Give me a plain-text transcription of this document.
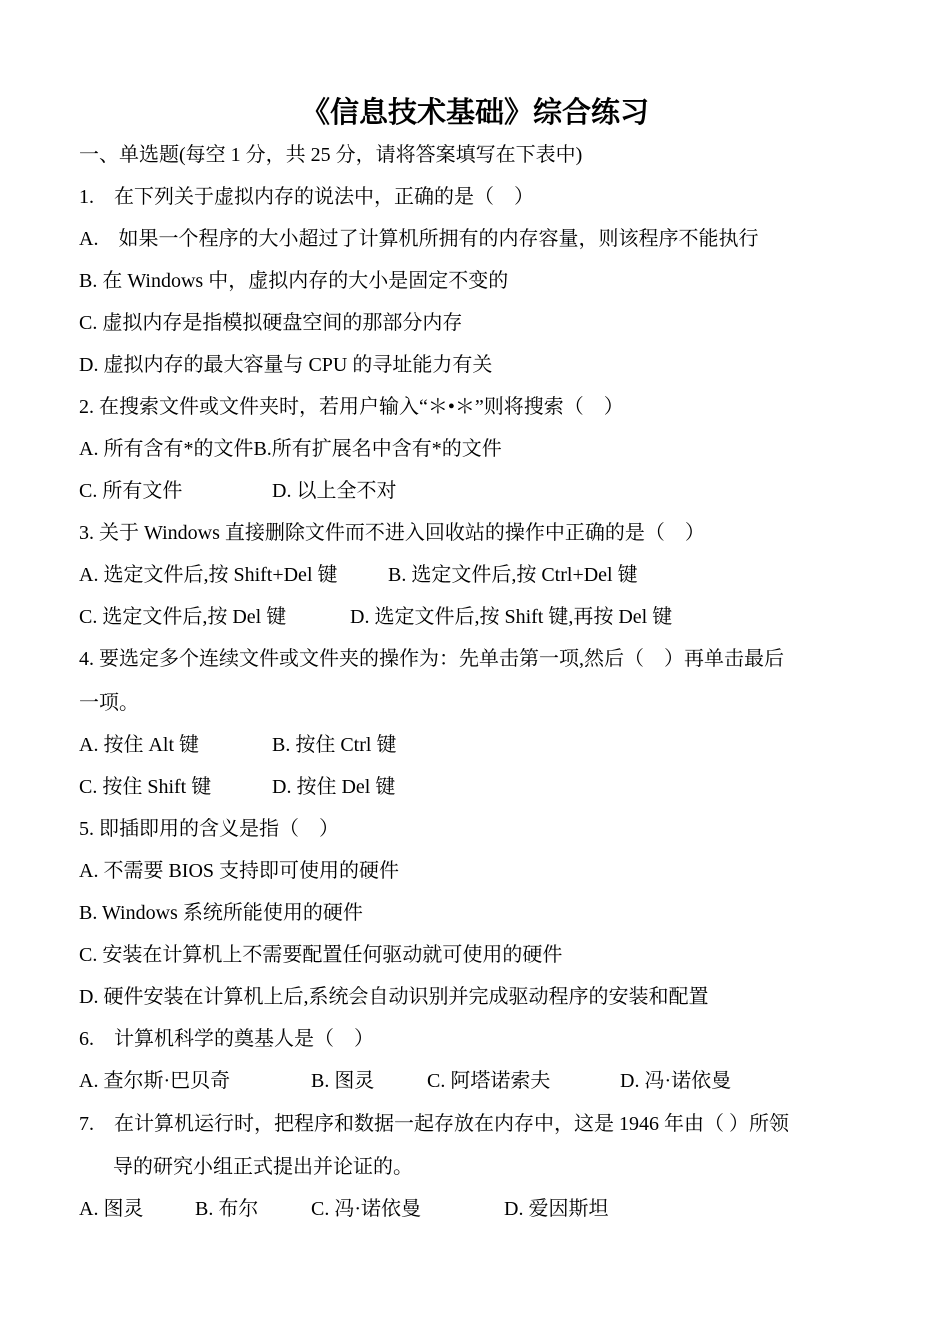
《信息技术基础》综合练习
一、单选题(每空 1 分，共 25 分，请将答案填写在下表中)
1.　在下列关于虚拟内存的说法中，正确的是（　）
A.　如果一个程序的大小超过了计算机所拥有的内存容量，则该程序不能执行
B. 在 Windows 中，虚拟内存的大小是固定不变的
C. 虚拟内存是指模拟硬盘空间的那部分内存
D. 虚拟内存的最大容量与 CPU 的寻址能力有关
2. 在搜索文件或文件夹时，若用户输入“＊•＊”则将搜索（　）
A. 所有含有*的文件B.所有扩展名中含有*的文件
C. 所有文件	D. 以上全不对
3. 关于 Windows 直接删除文件而不进入回收站的操作中正确的是（　）
A. 选定文件后,按 Shift+Del 键	B. 选定文件后,按 Ctrl+Del 键
C. 选定文件后,按 Del 键	D. 选定文件后,按 Shift 键,再按 Del 键
4. 要选定多个连续文件或文件夹的操作为：先单击第一项,然后（　）再单击最后
一项。
A. 按住 Alt 键	B. 按住 Ctrl 键
C. 按住 Shift 键	D. 按住 Del 键
5. 即插即用的含义是指（　）
A. 不需要 BIOS 支持即可使用的硬件
B. Windows 系统所能使用的硬件
C. 安装在计算机上不需要配置任何驱动就可使用的硬件
D. 硬件安装在计算机上后,系统会自动识别并完成驱动程序的安装和配置
6.　计算机科学的奠基人是（　）
A. 查尔斯·巴贝奇	B. 图灵	C. 阿塔诺索夫	D. 冯·诺依曼
7.　在计算机运行时，把程序和数据一起存放在内存中，这是 1946 年由（ ）所领
导的研究小组正式提出并论证的。
A. 图灵	B. 布尔	C. 冯·诺依曼	D. 爱因斯坦
